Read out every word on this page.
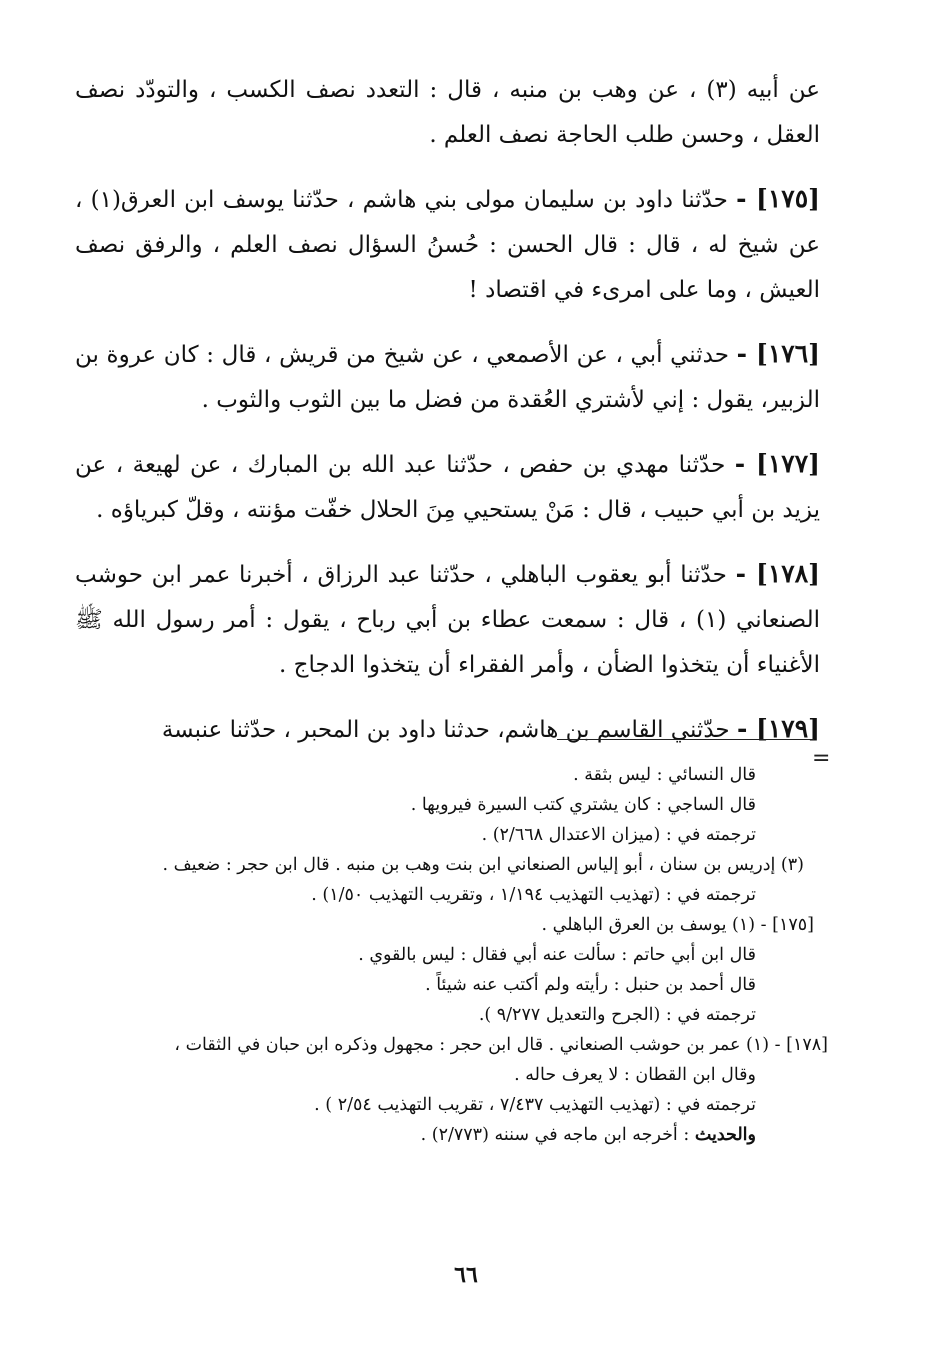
عن أبيه (٣) ، عن وهب بن منبه ، قال : التعدد نصف الكسب ، والتودّد نصف العقل ، وحسن طلب الحاجة نصف العلم .

[١٧٥] - حدّثنا داود بن سليمان مولى بني هاشم ، حدّثنا يوسف ابن العرق(١) ، عن شيخ له ، قال : قال الحسن : حُسنُ السؤال نصف العلم ، والرفق نصف العيش ، وما على امرىء في اقتصاد !

[١٧٦] - حدثني أبي ، عن الأصمعي ، عن شيخ من قريش ، قال : كان عروة بن الزبير، يقول : إني لأشتري العُقدة من فضل ما بين الثوب والثوب .

[١٧٧] - حدّثنا مهدي بن حفص ، حدّثنا عبد الله بن المبارك ، عن لهيعة ، عن يزيد بن أبي حبيب ، قال : مَنْ يستحيي مِنَ الحلال خفّت مؤنته ، وقلّ كبرياؤه .

[١٧٨] - حدّثنا أبو يعقوب الباهلي ، حدّثنا عبد الرزاق ، أخبرنا عمر ابن حوشب الصنعاني (١) ، قال : سمعت عطاء بن أبي رباح ، يقول : أمر رسول الله ﷺ الأغنياء أن يتخذوا الضأن ، وأمر الفقراء أن يتخذوا الدجاج .

[١٧٩] - حدّثني القاسم بن هاشم، حدثنا داود بن المحبر ، حدّثنا عنبسة

=

قال النسائي : ليس بثقة .

قال الساجي : كان يشتري كتب السيرة فيرويها .

ترجمته في : (ميزان الاعتدال ٢/٦٦٨) .

(٣) إدريس بن سنان ، أبو إلياس الصنعاني ابن بنت وهب بن منبه . قال ابن حجر : ضعيف .

ترجمته في : (تهذيب التهذيب ١/١٩٤ ، وتقريب التهذيب ١/٥٠) .

[١٧٥] - (١) يوسف بن العرق الباهلي .

قال ابن أبي حاتم : سألت عنه أبي فقال : ليس بالقوي .

قال أحمد بن حنبل : رأيته ولم أكتب عنه شيئاً .

ترجمته في : (الجرح والتعديل ٩/٢٧٧ ).

[١٧٨] - (١) عمر بن حوشب الصنعاني . قال ابن حجر : مجهول وذكره ابن حبان في الثقات ،

وقال ابن القطان : لا يعرف حاله .

ترجمته في : (تهذيب التهذيب ٧/٤٣٧ ، تقريب التهذيب ٢/٥٤ ) .

والحديث : أخرجه ابن ماجه في سننه (٢/٧٧٣) .

٦٦
